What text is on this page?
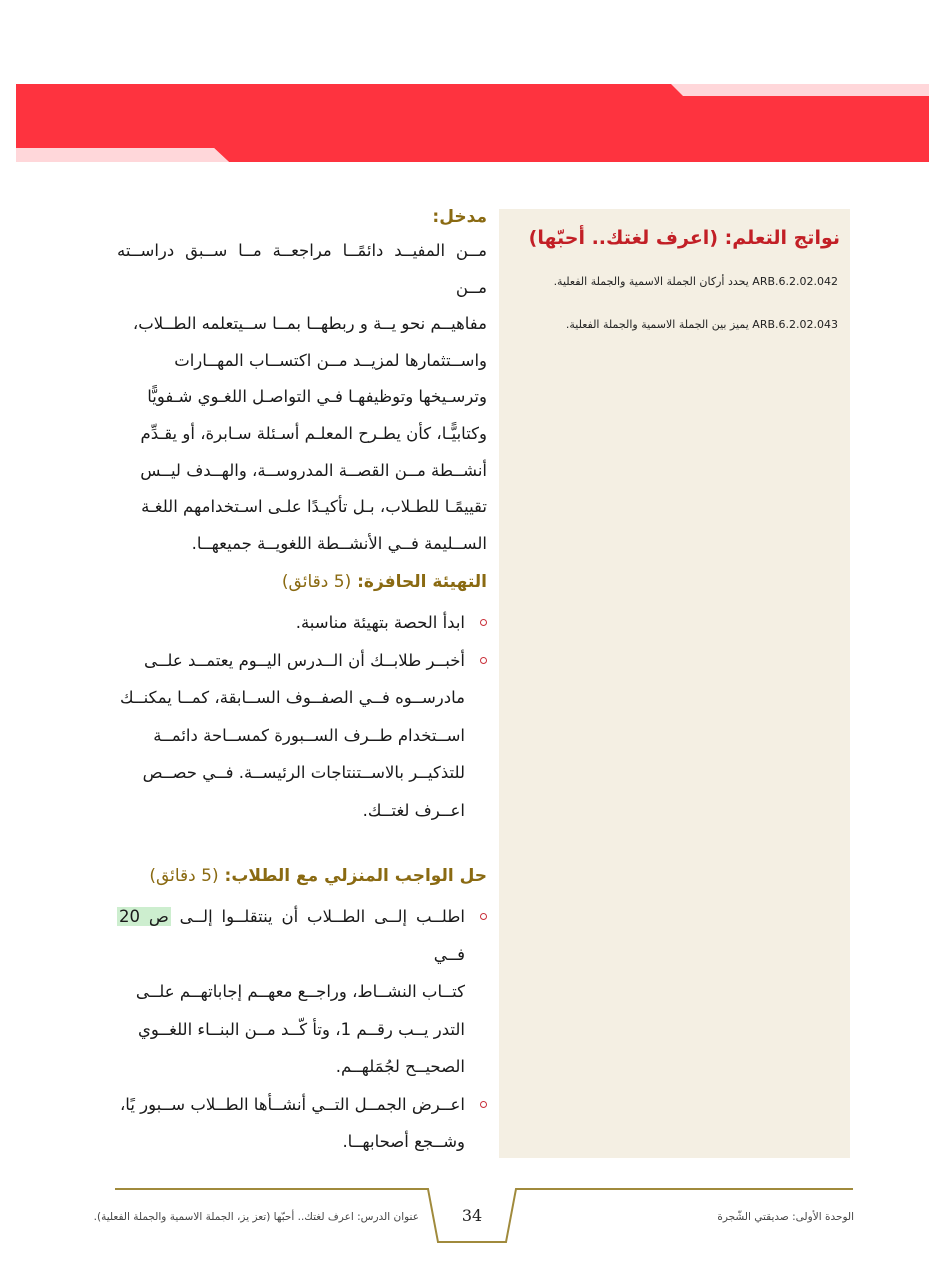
نواتج التعلم: (اعرف لغتك.. أحبّها)

ARB.6.2.02.042 يحدد أركان الجملة الاسمية والجملة الفعلية.

ARB.6.2.02.043 يميز بين الجملة الاسمية والجملة الفعلية.

مدخل:

مــن المفيــد دائمًــا مراجعــة مــا ســبق دراســته مــن

مفاهيــم نحو يــة و ربطهــا بمــا ســيتعلمه الطــلاب،

واســتثمارها لمزيــد مــن اكتســاب المهــارات

وترسـيخها وتوظيفهـا فـي التواصـل اللغـوي شـفويًّا

وكتابيًّـا، كأن يطـرح المعلـم أسـئلة سـابرة، أو يقـدِّم

أنشــطة مــن القصــة المدروســة، والهــدف ليــس

تقييمًـا للطـلاب، بـل تأكيـدًا علـى اسـتخدامهم اللغـة

الســليمة فــي الأنشــطة اللغويــة جميعهــا.

التهيئة الحافزة: (5 دقائق)

ابدأ الحصة بتهيئة مناسبة.
أخبــر طلابــك أن الــدرس اليــوم يعتمــد علــى
مادرســوه فــي الصفــوف الســابقة، كمــا يمكنــك
اســتخدام طــرف الســبورة كمســاحة دائمــة
للتذكيــر بالاســتنتاجات الرئيســة. فــي حصــص
اعــرف لغتــك.

حل الواجب المنزلي مع الطلاب: (5 دقائق)

اطلــب إلــى الطــلاب أن ينتقلــوا إلــى ص 20 فــي
كتــاب النشــاط، وراجــع معهــم إجاباتهــم علــى
التدر يــب رقــم 1، وتأ كّــد مــن البنــاء اللغــوي
الصحيــح لجُمَلهــم.
اعــرض الجمــل التــي أنشــأها الطــلاب ســبور يًا،
وشــجع أصحابهــا.

الوحدة الأولى: صديقتي الشّجرة

عنوان الدرس: اعرف لغتك.. أحبّها (تعز يز، الجملة الاسمية والجملة الفعلية).	34
